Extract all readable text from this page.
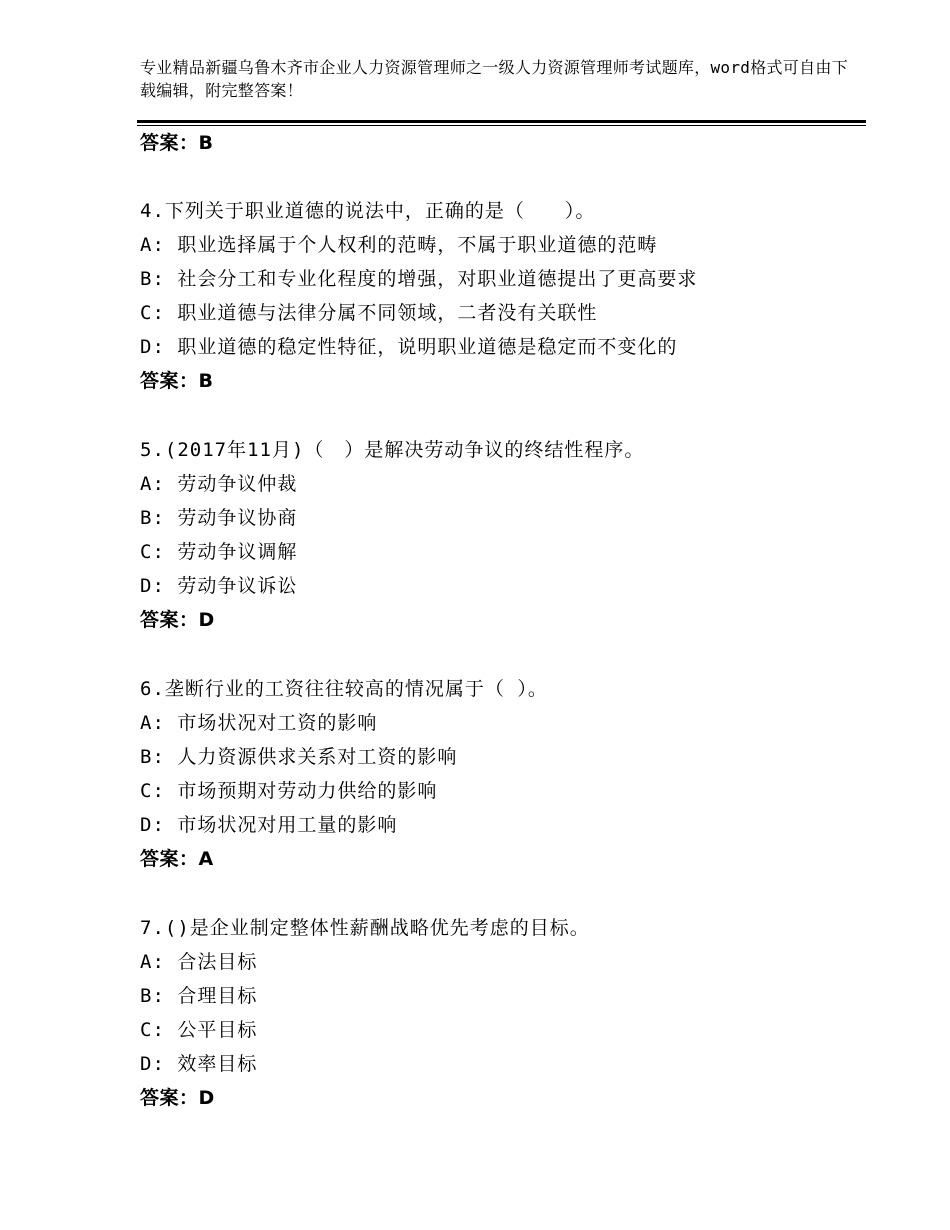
专业精品新疆乌鲁木齐市企业人力资源管理师之一级人力资源管理师考试题库，word格式可自由下载编辑，附完整答案！
答案：B
4.下列关于职业道德的说法中，正确的是（　　）。
A: 职业选择属于个人权利的范畴，不属于职业道德的范畴
B: 社会分工和专业化程度的增强，对职业道德提出了更高要求
C: 职业道德与法律分属不同领域，二者没有关联性
D: 职业道德的稳定性特征，说明职业道德是稳定而不变化的
答案：B
5.(2017年11月)（　）是解决劳动争议的终结性程序。
A: 劳动争议仲裁
B: 劳动争议协商
C: 劳动争议调解
D: 劳动争议诉讼
答案：D
6.垄断行业的工资往往较高的情况属于（ ）。
A: 市场状况对工资的影响
B: 人力资源供求关系对工资的影响
C: 市场预期对劳动力供给的影响
D: 市场状况对用工量的影响
答案：A
7.()是企业制定整体性薪酬战略优先考虑的目标。
A: 合法目标
B: 合理目标
C: 公平目标
D: 效率目标
答案：D
